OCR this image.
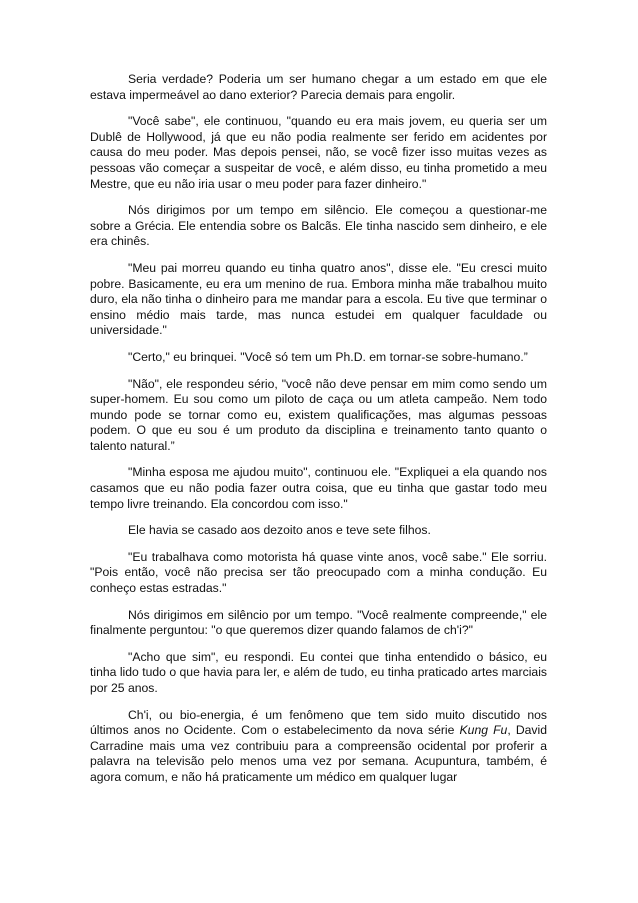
Seria verdade? Poderia um ser humano chegar a um estado em que ele estava impermeável ao dano exterior? Parecia demais para engolir.

"Você sabe", ele continuou, "quando eu era mais jovem, eu queria ser um Dublê de Hollywood, já que eu não podia realmente ser ferido em acidentes por causa do meu poder. Mas depois pensei, não, se você fizer isso muitas vezes as pessoas vão começar a suspeitar de você, e além disso, eu tinha prometido a meu Mestre, que eu não iria usar o meu poder para fazer dinheiro."

Nós dirigimos por um tempo em silêncio. Ele começou a questionar-me sobre a Grécia. Ele entendia sobre os Balcãs. Ele tinha nascido sem dinheiro, e ele era chinês.

"Meu pai morreu quando eu tinha quatro anos", disse ele. "Eu cresci muito pobre. Basicamente, eu era um menino de rua. Embora minha mãe trabalhou muito duro, ela não tinha o dinheiro para me mandar para a escola. Eu tive que terminar o ensino médio mais tarde, mas nunca estudei em qualquer faculdade ou universidade."

"Certo," eu brinquei. "Você só tem um Ph.D. em tornar-se sobre-humano.”

"Não", ele respondeu sério, "você não deve pensar em mim como sendo um super-homem. Eu sou como um piloto de caça ou um atleta campeão. Nem todo mundo pode se tornar como eu, existem qualificações, mas algumas pessoas podem. O que eu sou é um produto da disciplina e treinamento tanto quanto o talento natural.”

"Minha esposa me ajudou muito", continuou ele. "Expliquei a ela quando nos casamos que eu não podia fazer outra coisa, que eu tinha que gastar todo meu tempo livre treinando. Ela concordou com isso."

Ele havia se casado aos dezoito anos e teve sete filhos.

"Eu trabalhava como motorista há quase vinte anos, você sabe." Ele sorriu. "Pois então, você não precisa ser tão preocupado com a minha condução. Eu conheço estas estradas."

Nós dirigimos em silêncio por um tempo. "Você realmente compreende," ele finalmente perguntou: "o que queremos dizer quando falamos de ch'i?"

"Acho que sim", eu respondi. Eu contei que tinha entendido o básico, eu tinha lido tudo o que havia para ler, e além de tudo, eu tinha praticado artes marciais por 25 anos.

Ch'i, ou bio-energia, é um fenômeno que tem sido muito discutido nos últimos anos no Ocidente. Com o estabelecimento da nova série Kung Fu, David Carradine mais uma vez contribuiu para a compreensão ocidental por proferir a palavra na televisão pelo menos uma vez por semana. Acupuntura, também, é agora comum, e não há praticamente um médico em qualquer lugar
